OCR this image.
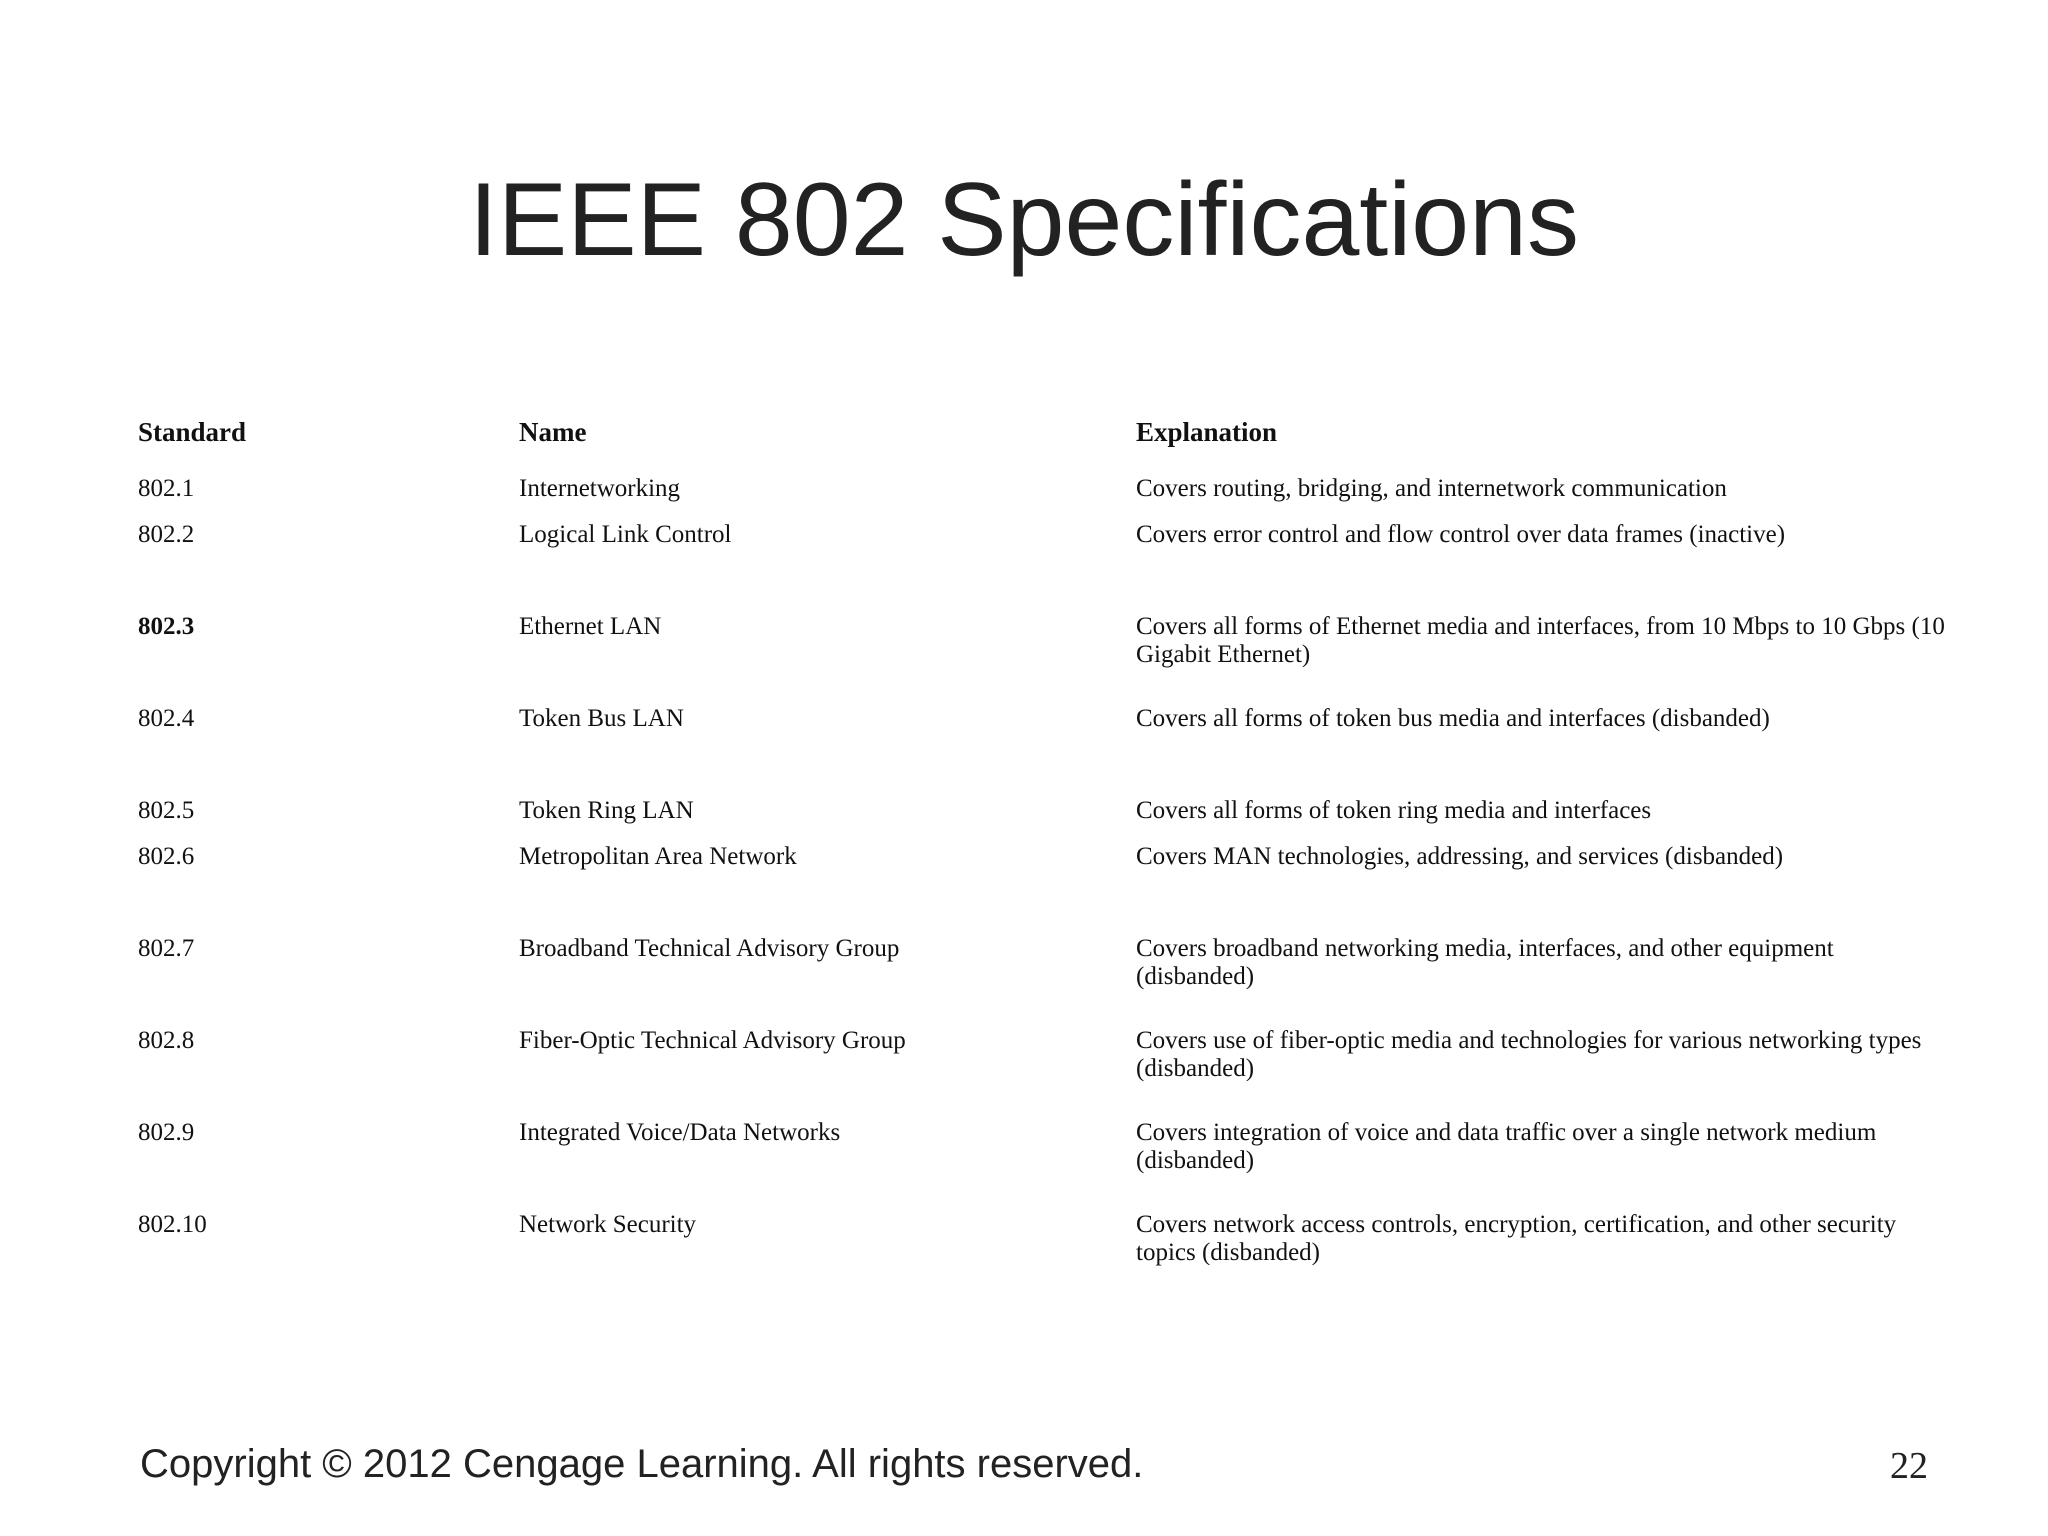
IEEE 802 Specifications
Standard	Name	Explanation
802.1	Internetworking	Covers routing, bridging, and internetwork communication
802.2	Logical Link Control	Covers error control and flow control over data frames (inactive)
802.3	Ethernet LAN	Covers all forms of Ethernet media and interfaces, from 10 Mbps to 10 Gbps (10 Gigabit Ethernet)
802.4	Token Bus LAN	Covers all forms of token bus media and interfaces (disbanded)
802.5	Token Ring LAN	Covers all forms of token ring media and interfaces
802.6	Metropolitan Area Network	Covers MAN technologies, addressing, and services (disbanded)
802.7	Broadband Technical Advisory Group	Covers broadband networking media, interfaces, and other equipment (disbanded)
802.8	Fiber-Optic Technical Advisory Group	Covers use of fiber-optic media and technologies for various networking types (disbanded)
802.9	Integrated Voice/Data Networks	Covers integration of voice and data traffic over a single network medium (disbanded)
802.10	Network Security	Covers network access controls, encryption, certification, and other security topics (disbanded)
Copyright © 2012 Cengage Learning. All rights reserved.	22
